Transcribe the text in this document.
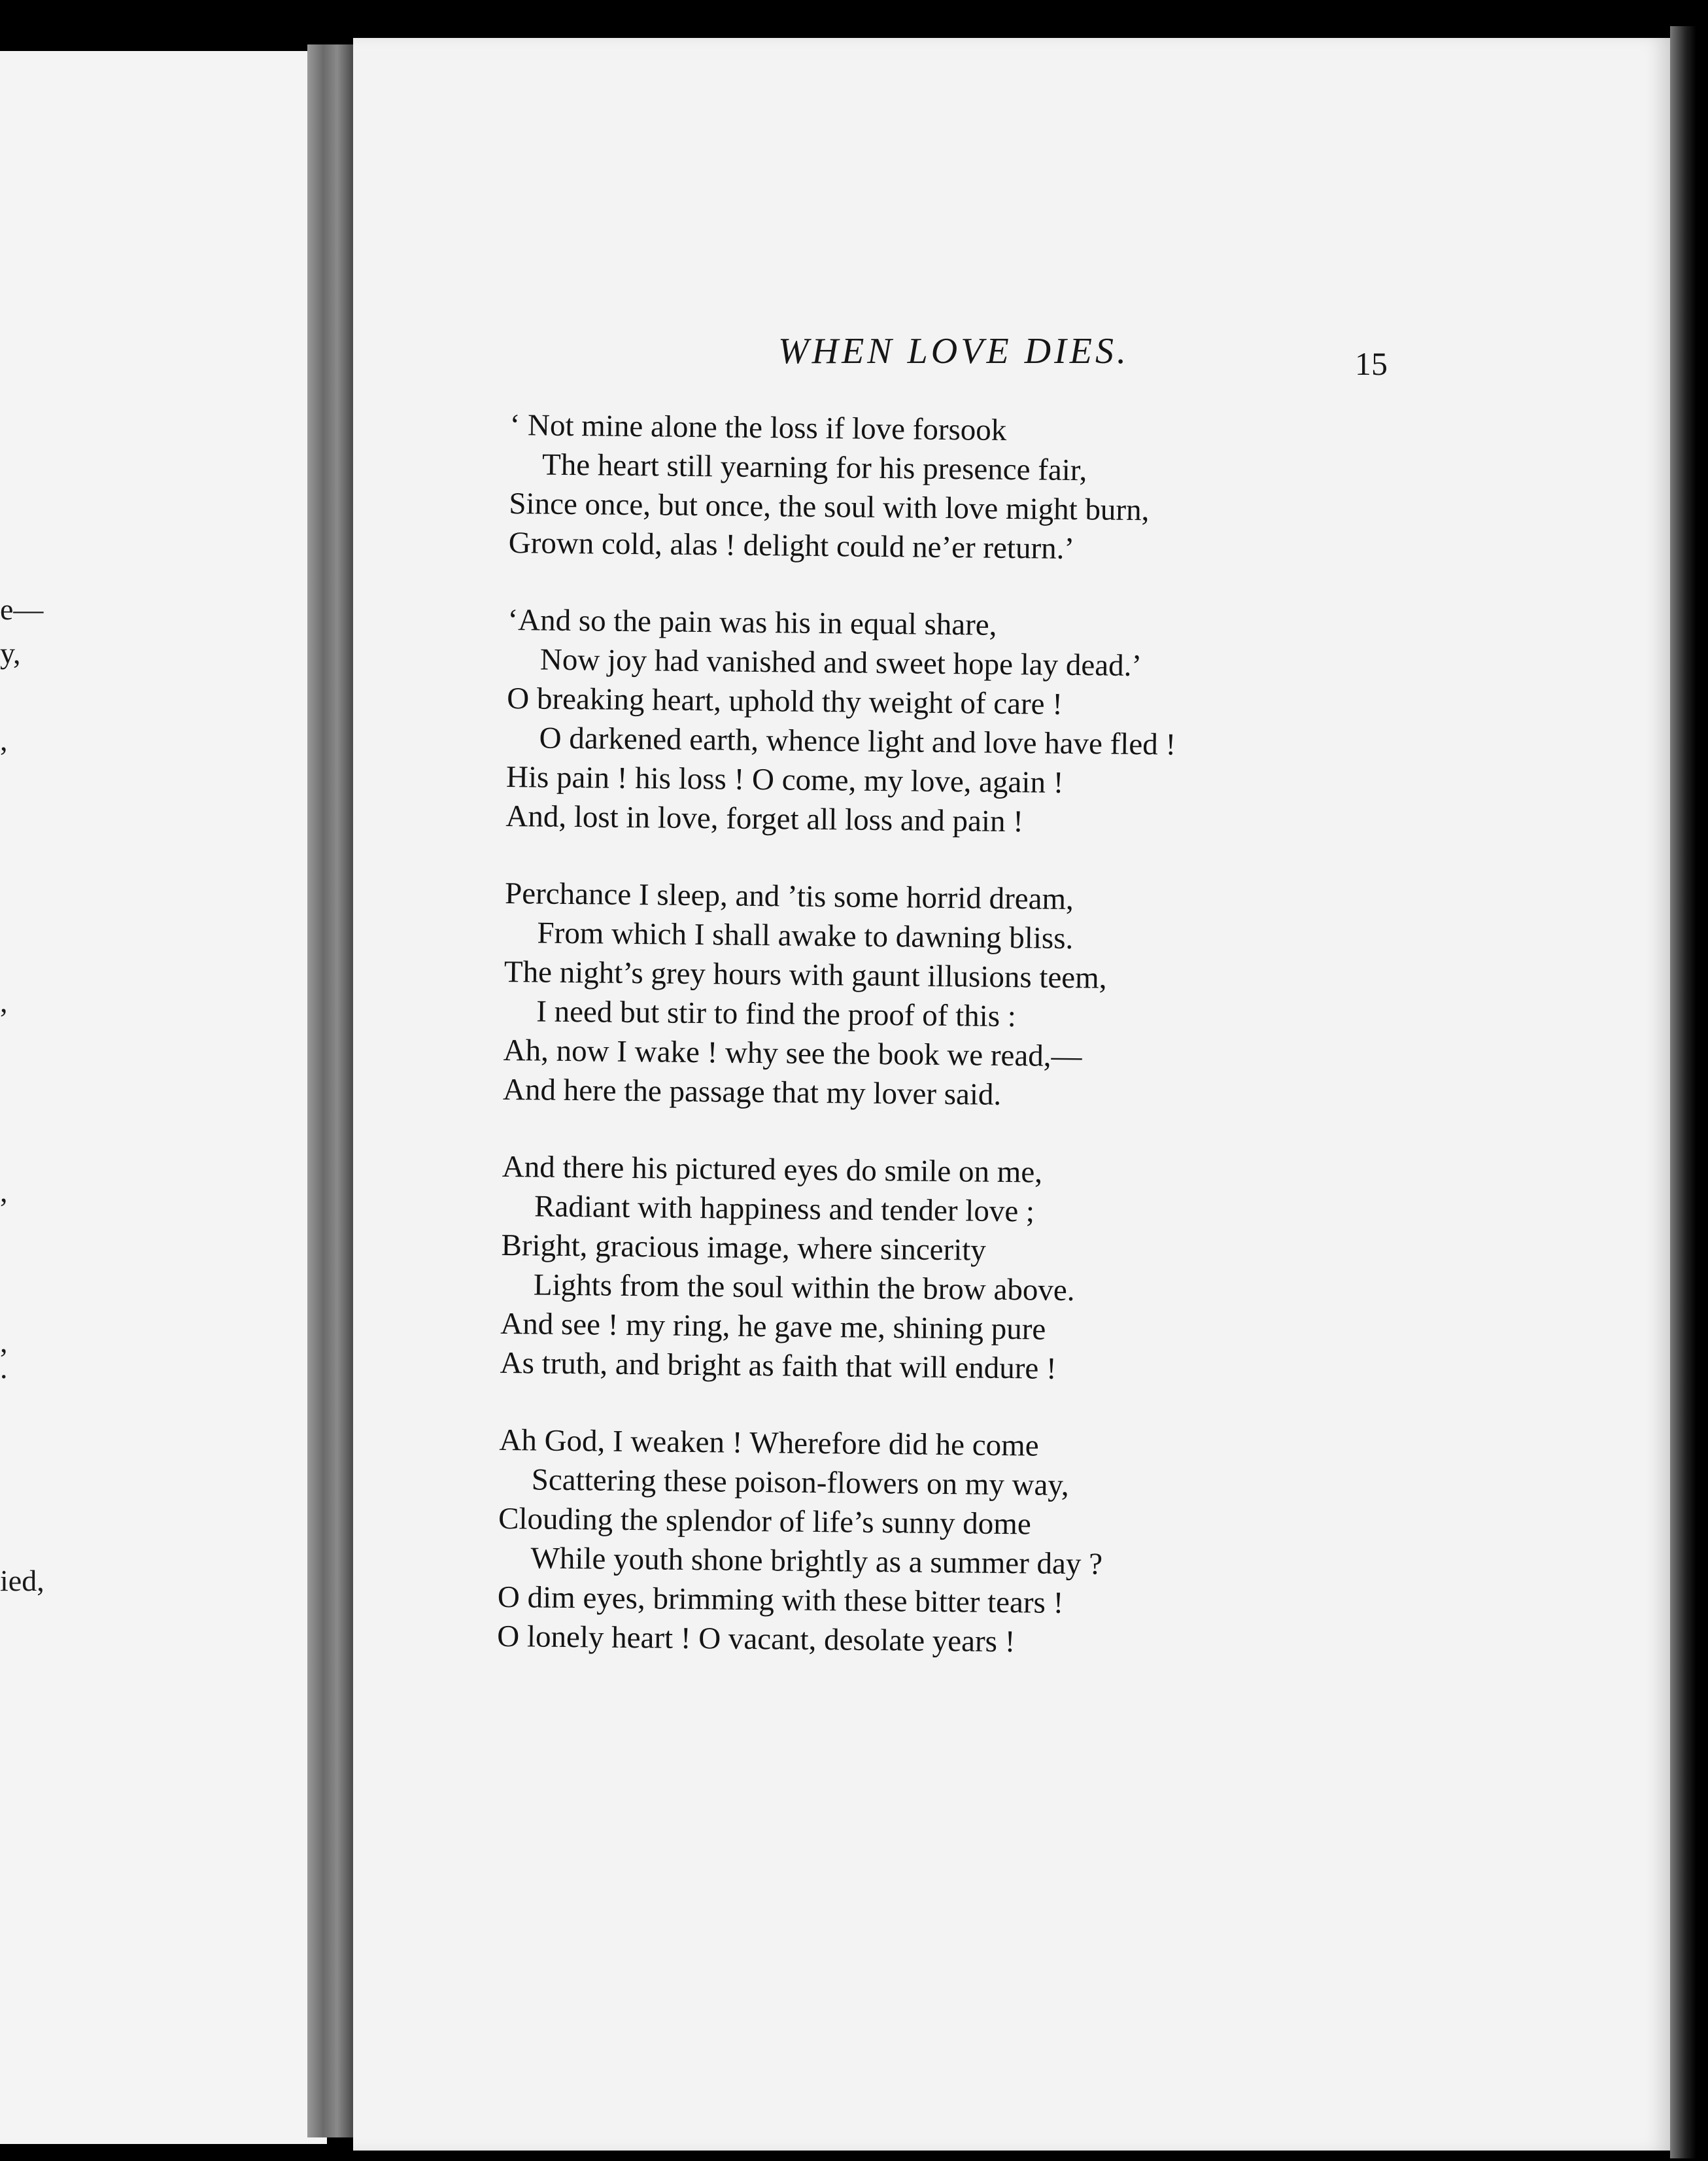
e—
y,
,
,
,
,
.
ied,
WHEN LOVE DIES.	15
‘ Not mine alone the loss if love forsook
The heart still yearning for his presence fair,
Since once, but once, the soul with love might burn,
Grown cold, alas ! delight could ne’er return.’
‘And so the pain was his in equal share,
Now joy had vanished and sweet hope lay dead.’
O breaking heart, uphold thy weight of care !
O darkened earth, whence light and love have fled !
His pain ! his loss ! O come, my love, again !
And, lost in love, forget all loss and pain !
Perchance I sleep, and ’tis some horrid dream,
From which I shall awake to dawning bliss.
The night’s grey hours with gaunt illusions teem,
I need but stir to find the proof of this :
Ah, now I wake ! why see the book we read,—
And here the passage that my lover said.
And there his pictured eyes do smile on me,
Radiant with happiness and tender love ;
Bright, gracious image, where sincerity
Lights from the soul within the brow above.
And see ! my ring, he gave me, shining pure
As truth, and bright as faith that will endure !
Ah God, I weaken ! Wherefore did he come
Scattering these poison-flowers on my way,
Clouding the splendor of life’s sunny dome
While youth shone brightly as a summer day ?
O dim eyes, brimming with these bitter tears !
O lonely heart ! O vacant, desolate years !
